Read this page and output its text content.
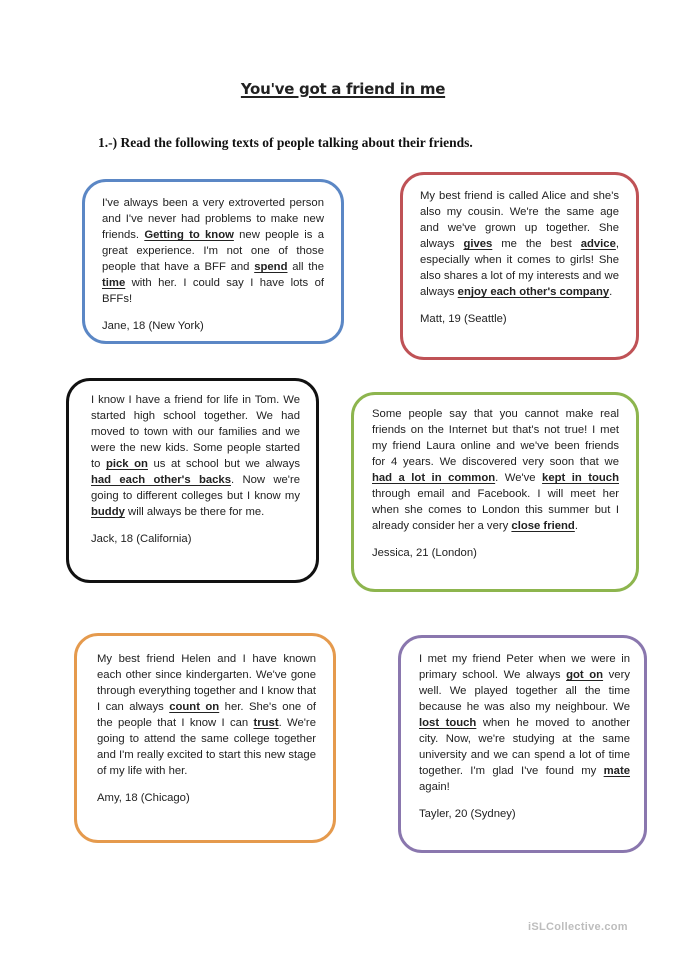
You've got a friend in me
1.-) Read the following texts of people talking about their friends.
I've always been a very extroverted person and I've never had problems to make new friends. Getting to know new people is a great experience. I'm not one of those people that have a BFF and spend all the time with her. I could say I have lots of BFFs!
Jane, 18 (New York)
My best friend is called Alice and she's also my cousin. We're the same age and we've grown up together. She always gives me the best advice, especially when it comes to girls! She also shares a lot of my interests and we always enjoy each other's company.
Matt, 19 (Seattle)
I know I have a friend for life in Tom. We started high school together. We had moved to town with our families and we were the new kids. Some people started to pick on us at school but we always had each other's backs. Now we're going to different colleges but I know my buddy will always be there for me.
Jack, 18 (California)
Some people say that you cannot make real friends on the Internet but that's not true! I met my friend Laura online and we've been friends for 4 years. We discovered very soon that we had a lot in common. We've kept in touch through email and Facebook. I will meet her when she comes to London this summer but I already consider her a very close friend.
Jessica, 21 (London)
My best friend Helen and I have known each other since kindergarten. We've gone through everything together and I know that I can always count on her. She's one of the people that I know I can trust. We're going to attend the same college together and I'm really excited to start this new stage of my life with her.
Amy, 18 (Chicago)
I met my friend Peter when we were in primary school. We always got on very well. We played together all the time because he was also my neighbour. We lost touch when he moved to another city. Now, we're studying at the same university and we can spend a lot of time together. I'm glad I've found my mate again!
Tayler, 20 (Sydney)
iSLCollective.com
